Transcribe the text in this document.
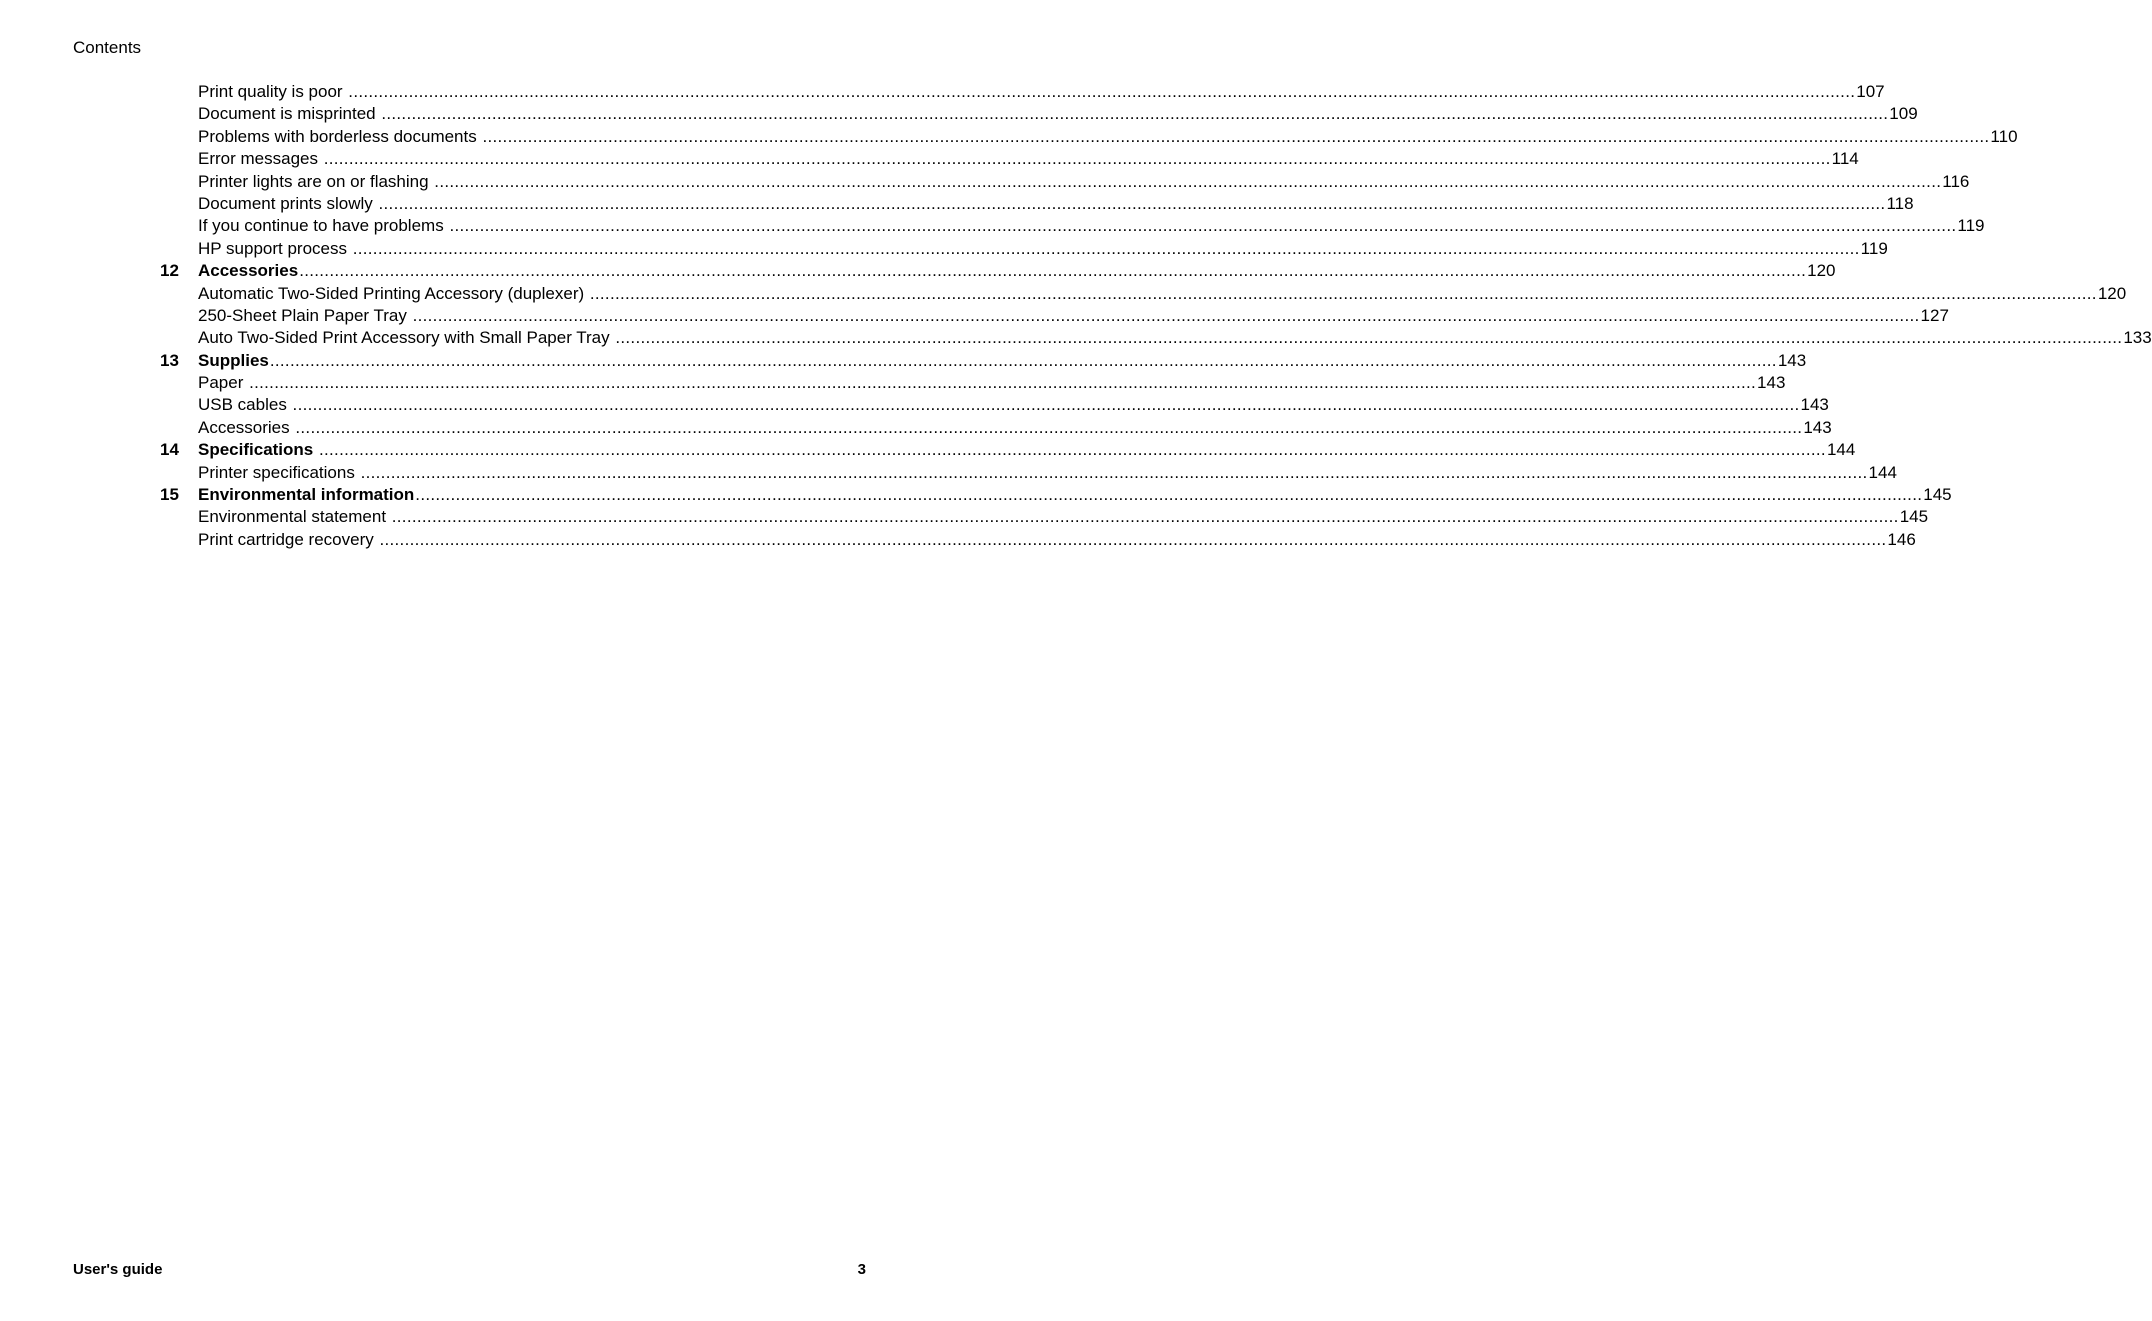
Contents
Print quality is poor ............................................................................................................................................................................................................................................................................................................ 107
Document is misprinted ............................................................................................................................................................................................................................................................................................................ 109
Problems with borderless documents ............................................................................................................................................................................................................................................................................................................ 110
Error messages ............................................................................................................................................................................................................................................................................................................ 114
Printer lights are on or flashing ............................................................................................................................................................................................................................................................................................................ 116
Document prints slowly ............................................................................................................................................................................................................................................................................................................ 118
If you continue to have problems ............................................................................................................................................................................................................................................................................................................ 119
HP support process ............................................................................................................................................................................................................................................................................................................ 119
12	Accessories ............................................................................................................................................................................................................................................................................................................ 120
Automatic Two-Sided Printing Accessory (duplexer) ............................................................................................................................................................................................................................................................................................................ 120
250-Sheet Plain Paper Tray ............................................................................................................................................................................................................................................................................................................ 127
Auto Two-Sided Print Accessory with Small Paper Tray ............................................................................................................................................................................................................................................................................................................ 133
13	Supplies ............................................................................................................................................................................................................................................................................................................ 143
Paper ............................................................................................................................................................................................................................................................................................................ 143
USB cables ............................................................................................................................................................................................................................................................................................................ 143
Accessories ............................................................................................................................................................................................................................................................................................................ 143
14	Specifications ............................................................................................................................................................................................................................................................................................................ 144
Printer specifications ............................................................................................................................................................................................................................................................................................................ 144
15	Environmental information ............................................................................................................................................................................................................................................................................................................ 145
Environmental statement ............................................................................................................................................................................................................................................................................................................ 145
Print cartridge recovery ............................................................................................................................................................................................................................................................................................................ 146
User's guide	3
